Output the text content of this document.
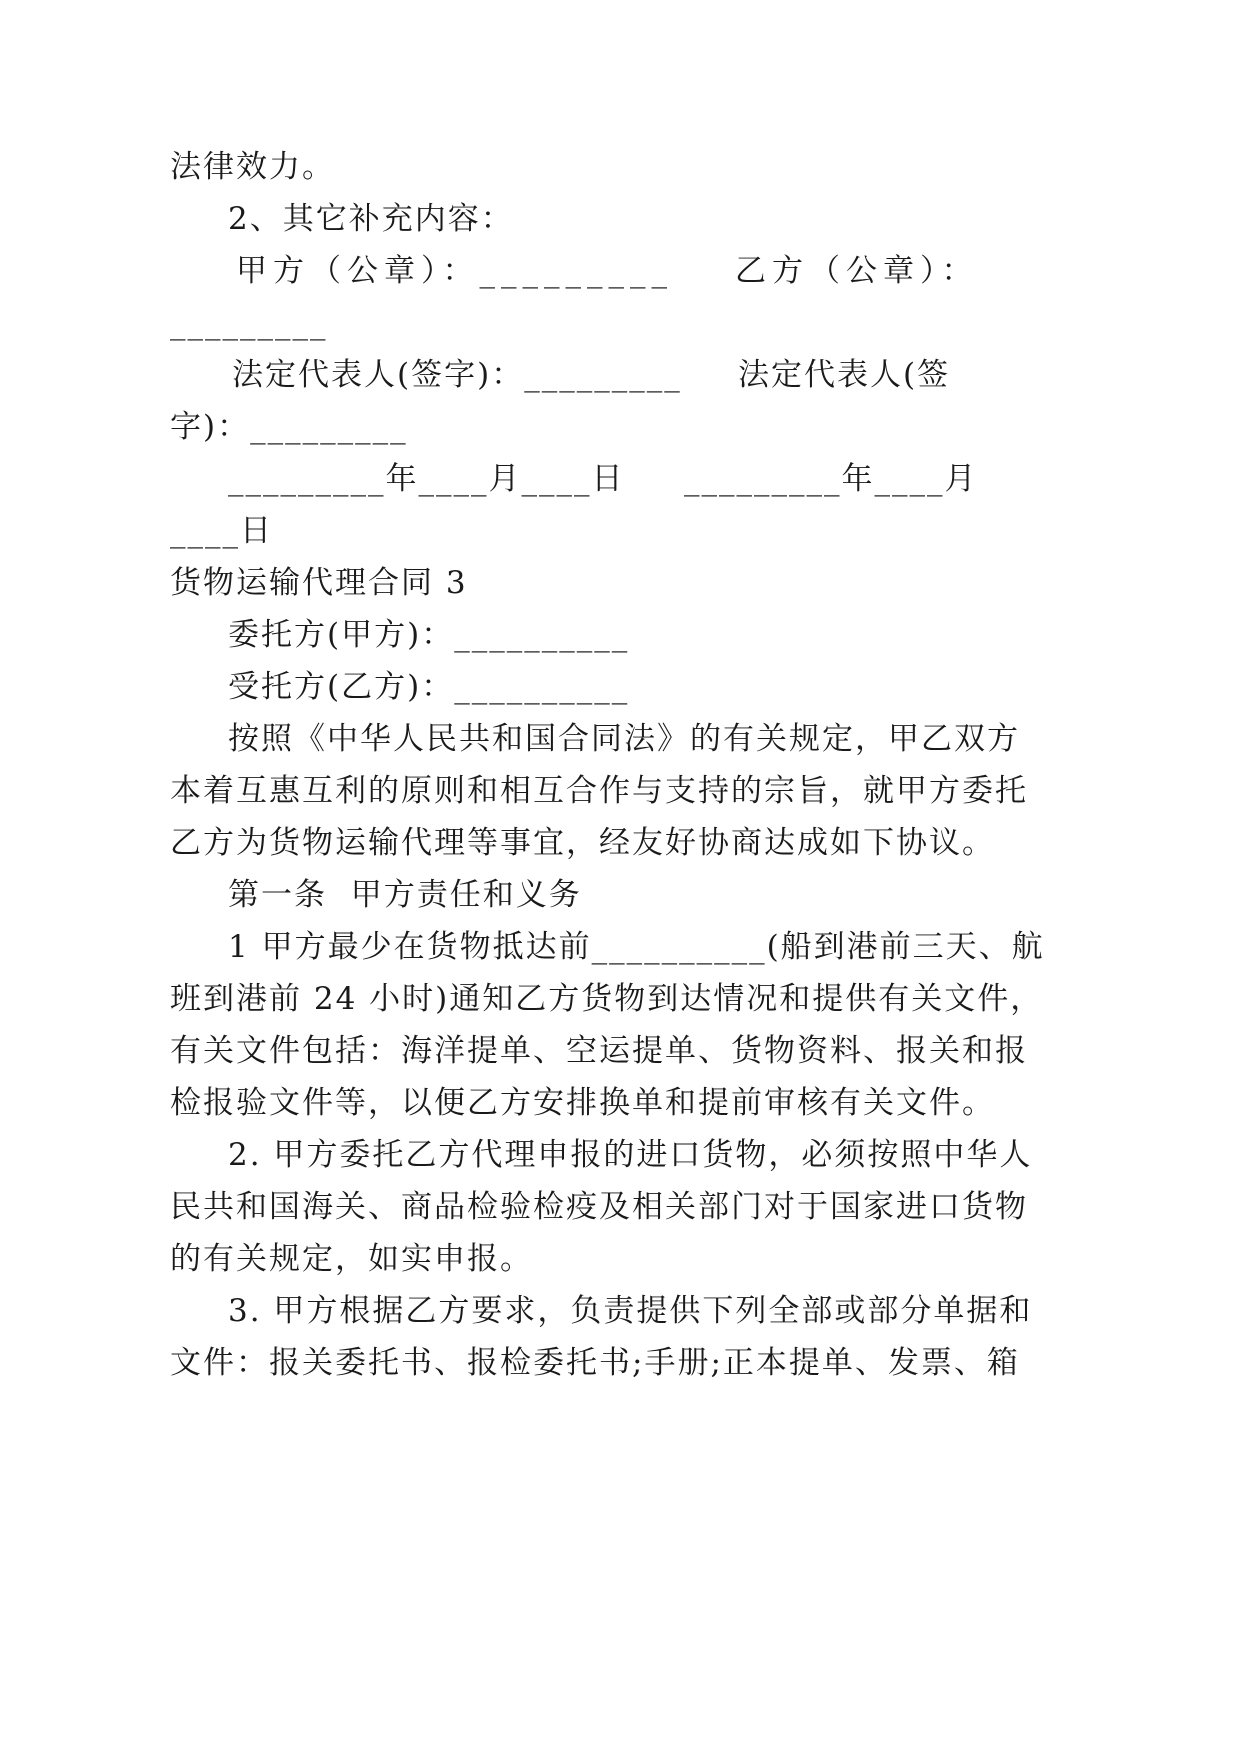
法律效力。
2、其它补充内容：
甲方（公章）：_________ 乙方（公章）：
_________
法定代表人(签字)：_________ 法定代表人(签
字)：_________
_________年____月____日 _________年____月
____日
货物运输代理合同 3
委托方(甲方)：__________
受托方(乙方)：__________
按照《中华人民共和国合同法》的有关规定，甲乙双方
本着互惠互利的原则和相互合作与支持的宗旨，就甲方委托
乙方为货物运输代理等事宜，经友好协商达成如下协议。
第一条  甲方责任和义务
1 甲方最少在货物抵达前__________(船到港前三天、航
班到港前 24 小时)通知乙方货物到达情况和提供有关文件，
有关文件包括：海洋提单、空运提单、货物资料、报关和报
检报验文件等，以便乙方安排换单和提前审核有关文件。
2. 甲方委托乙方代理申报的进口货物，必须按照中华人
民共和国海关、商品检验检疫及相关部门对于国家进口货物
的有关规定，如实申报。
3. 甲方根据乙方要求，负责提供下列全部或部分单据和
文件：报关委托书、报检委托书;手册;正本提单、发票、箱
